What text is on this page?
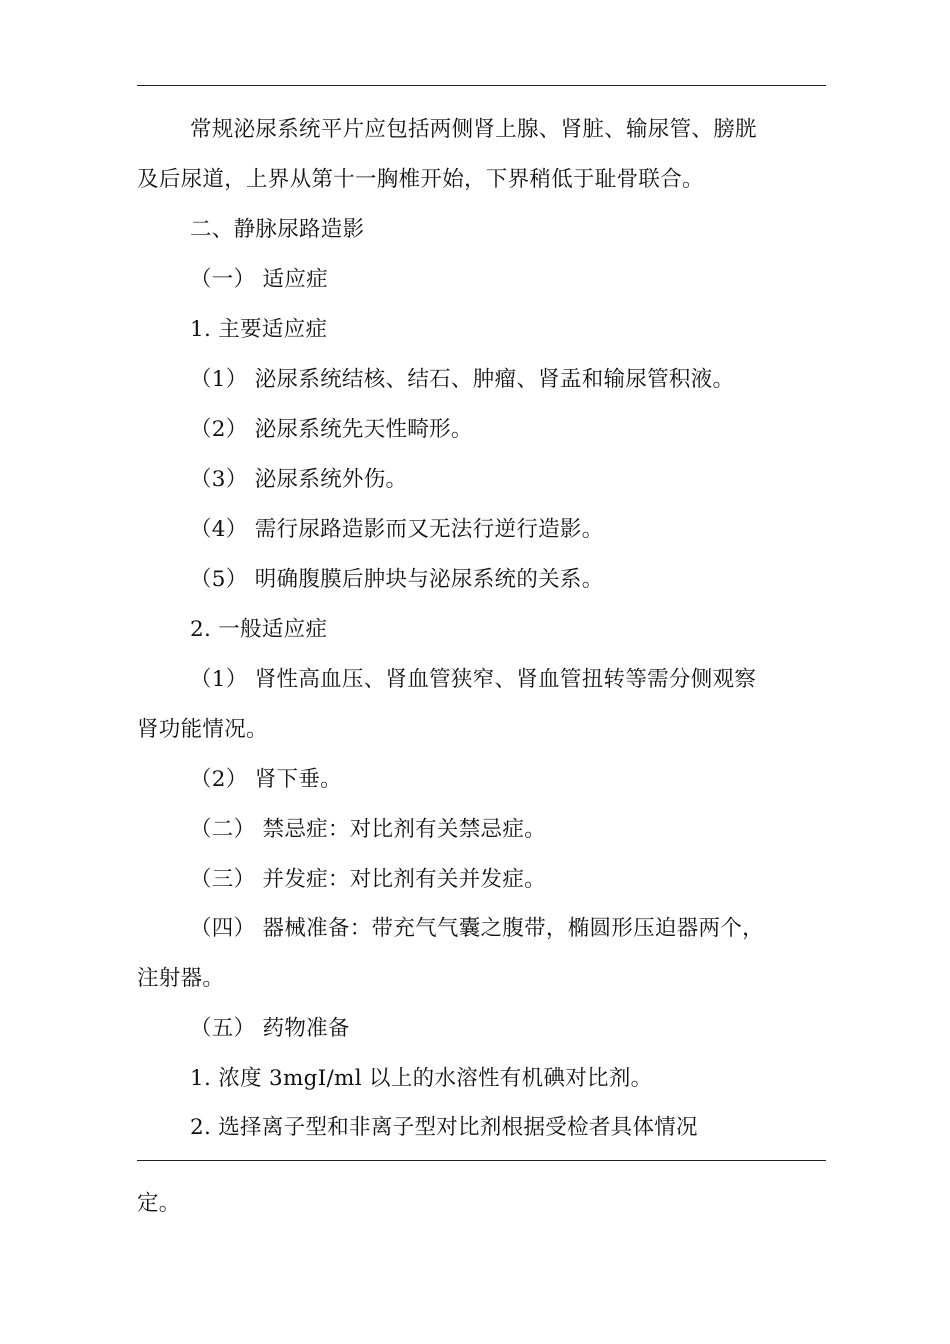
常规泌尿系统平片应包括两侧肾上腺、肾脏、输尿管、膀胱
及后尿道，上界从第十一胸椎开始，下界稍低于耻骨联合。
二、静脉尿路造影
（一） 适应症
1. 主要适应症
（1） 泌尿系统结核、结石、肿瘤、肾盂和输尿管积液。
（2） 泌尿系统先天性畸形。
（3） 泌尿系统外伤。
（4） 需行尿路造影而又无法行逆行造影。
（5） 明确腹膜后肿块与泌尿系统的关系。
2. 一般适应症
（1） 肾性高血压、肾血管狭窄、肾血管扭转等需分侧观察
肾功能情况。
（2） 肾下垂。
（二） 禁忌症：对比剂有关禁忌症。
（三） 并发症：对比剂有关并发症。
（四） 器械准备：带充气气囊之腹带，椭圆形压迫器两个，
注射器。
（五） 药物准备
1. 浓度 3mgI/ml 以上的水溶性有机碘对比剂。
2. 选择离子型和非离子型对比剂根据受检者具体情况
定。
